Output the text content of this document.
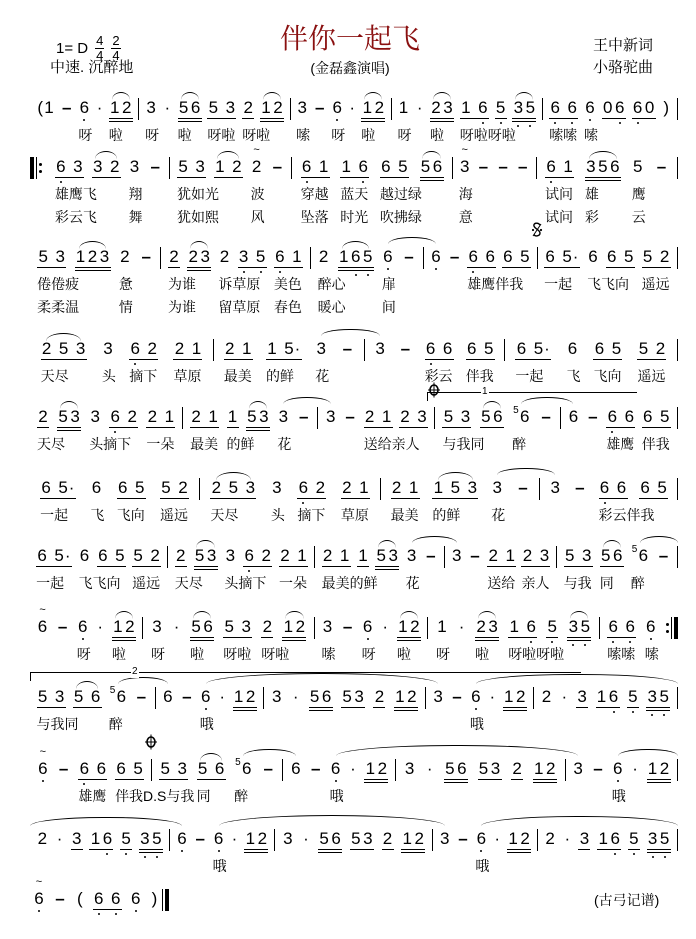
1= D $\frac{4}{4} \frac{2}{4}$
中速. 沉醉地
伴你一起飞
(金磊鑫演唱)
王中新词
小骆驼曲
( 1 – 6
呀
· 1 2
啦
3
呀
· 5 6
啦
5 3
呀啦
2
呀啦
1 2 3
嗦
– 6
呀
· 1 2
啦
1
呀
· 2 3
啦
1 6
呀啦呀啦
5 3 5 6 6
嗦嗦
6
嗦
0 6 6 0 )
6 3
雄鹰飞
彩云飞
3 2 3
翔
舞
– 5 3
犹如光
犹如熙
1 2 ~ 2
波
风
– 6 1
穿越
坠落
1 6
蓝天
时光
6 5
越过绿
吹拂绿
5 6 ~ 3
海
意
– – – 6 1
试问
试问
3 5 6
雄
彩
5
鹰
云
–
5 3
倦倦疲
柔柔温
1 2 3 2
惫
情
– 2
为谁
为谁
2 3 2
诉草原
留草原
3 5 6 1
美色
春色
2
醉心
暖心
1 6 5 6
扉
间
– 6 – 6 6
雄鹰伴我
6 5 6 5 ·
一起
6
飞飞向
6 5 5 2
遥远
2 5 3
天尽
3
头
6 2
摘下
2 1
草原
2 1
最美
1 5 ·
的鲜
3
花
– 3 – 6 6
彩云
6 5
伴我
6 5 ·
一起
6
飞
6 5
飞向
5 2
遥远
2
天尽
5 3 3
头摘下
6 2 2 1
一朵
2 1
最美
1
的鲜
5 3 3
花
– 3 – 2 1
送给亲人
2 3 5 3
与我同
5 6 5 6
醉
– 6 – 6 6
雄鹰
6 5
伴我
6 5 ·
一起
6
飞
6 5
飞向
5 2
遥远
2 5 3
天尽
3
头
6 2
摘下
2 1
草原
2 1
最美
1 5 3
的鲜
3
花
– 3 – 6 6
彩云伴我
6 5
6 5 ·
一起
6
飞飞向
6 5 5 2
遥远
2
天尽
5 3 3
头摘下
6 2 2 1
一朵
2 1
最美的鲜
1 5 3 3
花
– 3 – 2 1
送给
2 3
亲人
5 3
与我
5 6
同
5 6
醉
–
~ 6 – 6
呀
· 1 2
啦
3
呀
· 5 6
啦
5 3
呀啦
2
呀啦
1 2 3
嗦
– 6
呀
· 1 2
啦
1
呀
· 2 3
啦
1 6
呀啦呀啦
5 3 5 6 6
嗦嗦
6
嗦
5 3
与我同
5 6 5 6
醉
– 6 – 6
哦
· 1 2 3 · 5 6 5 3 2 1 2 3 – 6
哦
· 1 2 2 · 3 1 6 5 3 5
~ 6 – 6 6
雄鹰
6 5
伴我D.S与我
5 3 5 6
同
5 6
醉
– 6 – 6
哦
· 1 2 3 · 5 6 5 3 2 1 2 3 – 6
哦
· 1 2
2 · 3 1 6 5 3 5 6 – 6
哦
· 1 2 3 · 5 6 5 3 2 1 2 3 – 6
哦
· 1 2 2 · 3 1 6 5 3 5
~ 6 – ( 6 6 6 )	(古弓记谱)
1
2
